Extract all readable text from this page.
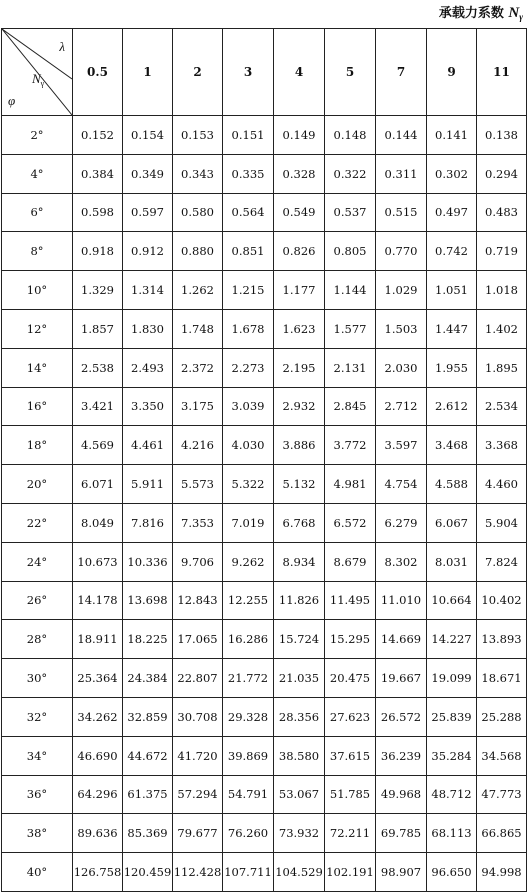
承载力系数 $N_\gamma$
λ
$N_\gamma$
φ	0.5	1	2	3	4	5	7	9	11
2°	0.152	0.154	0.153	0.151	0.149	0.148	0.144	0.141	0.138
4°	0.384	0.349	0.343	0.335	0.328	0.322	0.311	0.302	0.294
6°	0.598	0.597	0.580	0.564	0.549	0.537	0.515	0.497	0.483
8°	0.918	0.912	0.880	0.851	0.826	0.805	0.770	0.742	0.719
10°	1.329	1.314	1.262	1.215	1.177	1.144	1.029	1.051	1.018
12°	1.857	1.830	1.748	1.678	1.623	1.577	1.503	1.447	1.402
14°	2.538	2.493	2.372	2.273	2.195	2.131	2.030	1.955	1.895
16°	3.421	3.350	3.175	3.039	2.932	2.845	2.712	2.612	2.534
18°	4.569	4.461	4.216	4.030	3.886	3.772	3.597	3.468	3.368
20°	6.071	5.911	5.573	5.322	5.132	4.981	4.754	4.588	4.460
22°	8.049	7.816	7.353	7.019	6.768	6.572	6.279	6.067	5.904
24°	10.673	10.336	9.706	9.262	8.934	8.679	8.302	8.031	7.824
26°	14.178	13.698	12.843	12.255	11.826	11.495	11.010	10.664	10.402
28°	18.911	18.225	17.065	16.286	15.724	15.295	14.669	14.227	13.893
30°	25.364	24.384	22.807	21.772	21.035	20.475	19.667	19.099	18.671
32°	34.262	32.859	30.708	29.328	28.356	27.623	26.572	25.839	25.288
34°	46.690	44.672	41.720	39.869	38.580	37.615	36.239	35.284	34.568
36°	64.296	61.375	57.294	54.791	53.067	51.785	49.968	48.712	47.773
38°	89.636	85.369	79.677	76.260	73.932	72.211	69.785	68.113	66.865
40°	126.758	120.459	112.428	107.711	104.529	102.191	98.907	96.650	94.998
